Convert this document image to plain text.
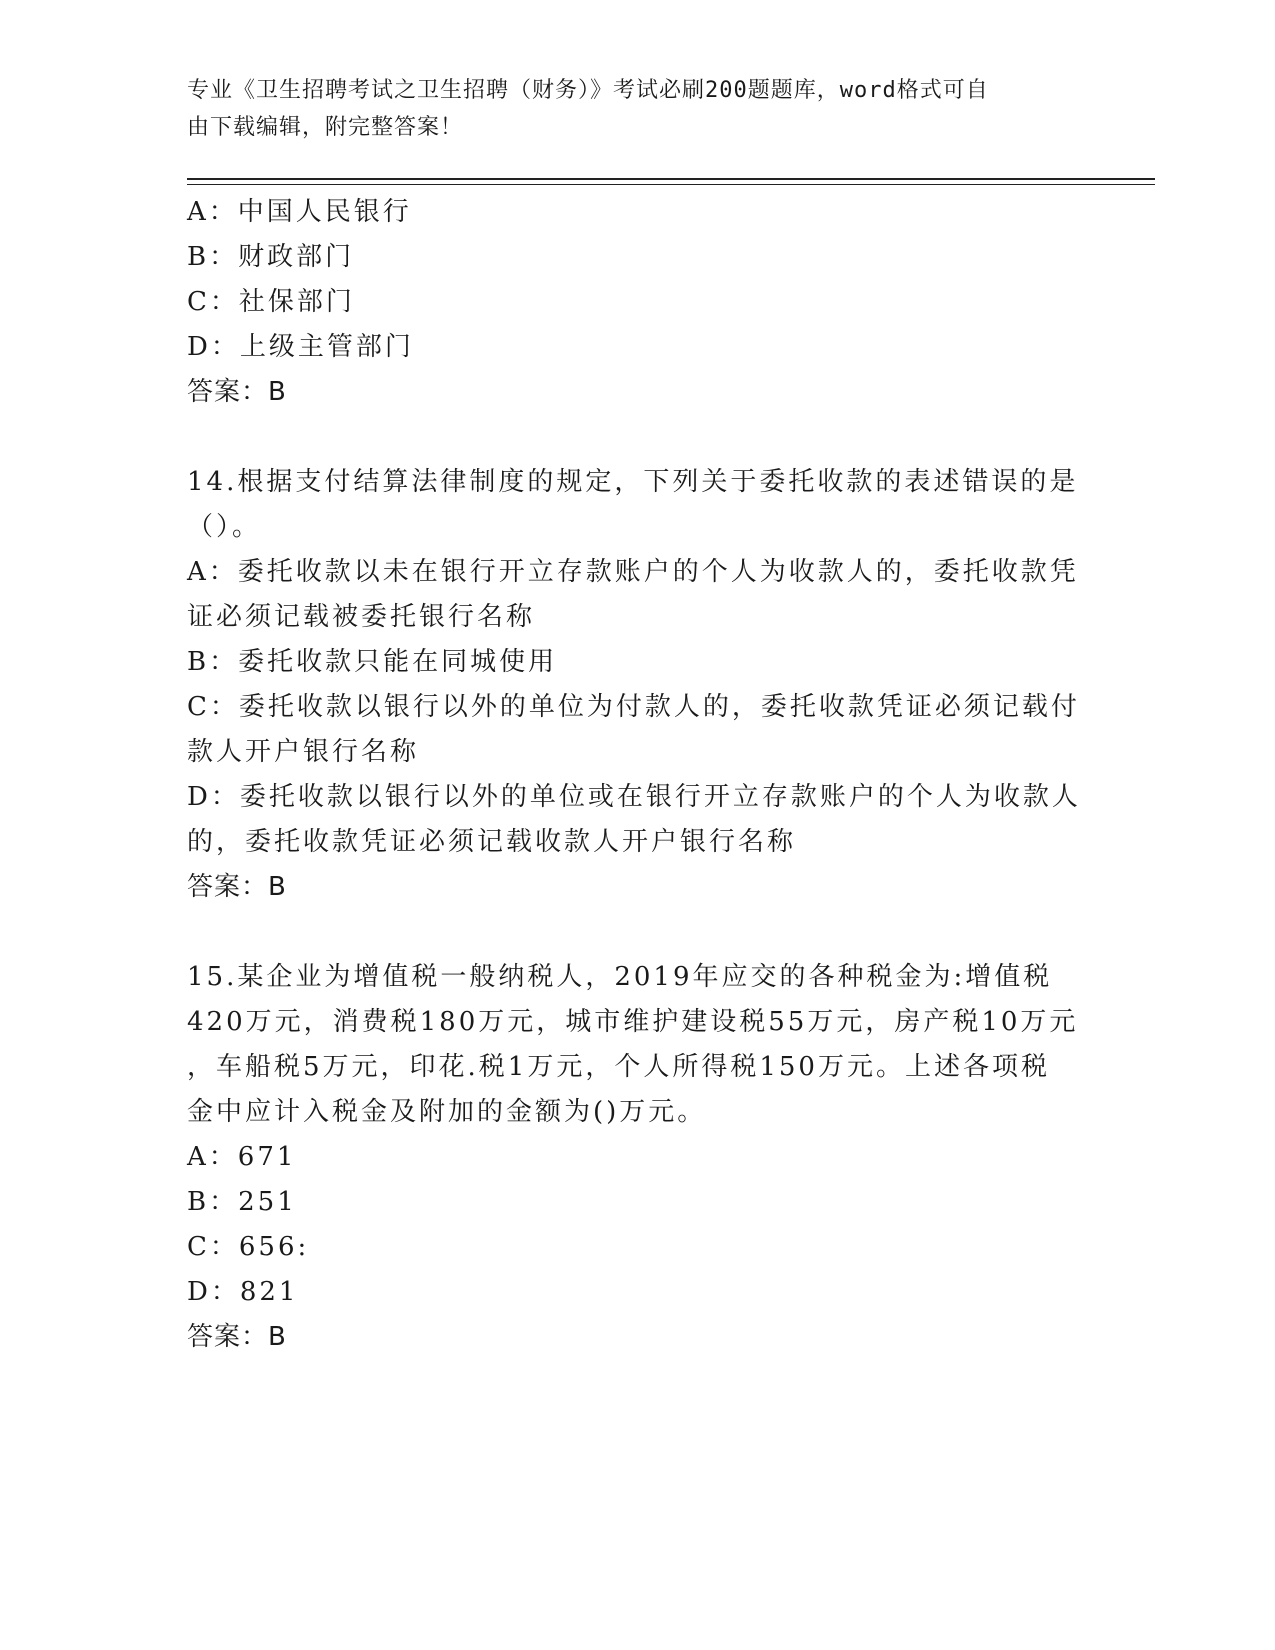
专业《卫生招聘考试之卫生招聘（财务）》考试必刷200题题库，word格式可自
由下载编辑，附完整答案！
A：中国人民银行
B：财政部门
C：社保部门
D：上级主管部门
答案：B
14.根据支付结算法律制度的规定，下列关于委托收款的表述错误的是
（）。
A：委托收款以未在银行开立存款账户的个人为收款人的，委托收款凭
证必须记载被委托银行名称
B：委托收款只能在同城使用
C：委托收款以银行以外的单位为付款人的，委托收款凭证必须记载付
款人开户银行名称
D：委托收款以银行以外的单位或在银行开立存款账户的个人为收款人
的，委托收款凭证必须记载收款人开户银行名称
答案：B
15.某企业为增值税一般纳税人，2019年应交的各种税金为:增值税
420万元，消费税180万元，城市维护建设税55万元，房产税10万元
，车船税5万元，印花.税1万元，个人所得税150万元。上述各项税
金中应计入税金及附加的金额为()万元。
A：671
B：251
C：656:
D：821
答案：B
